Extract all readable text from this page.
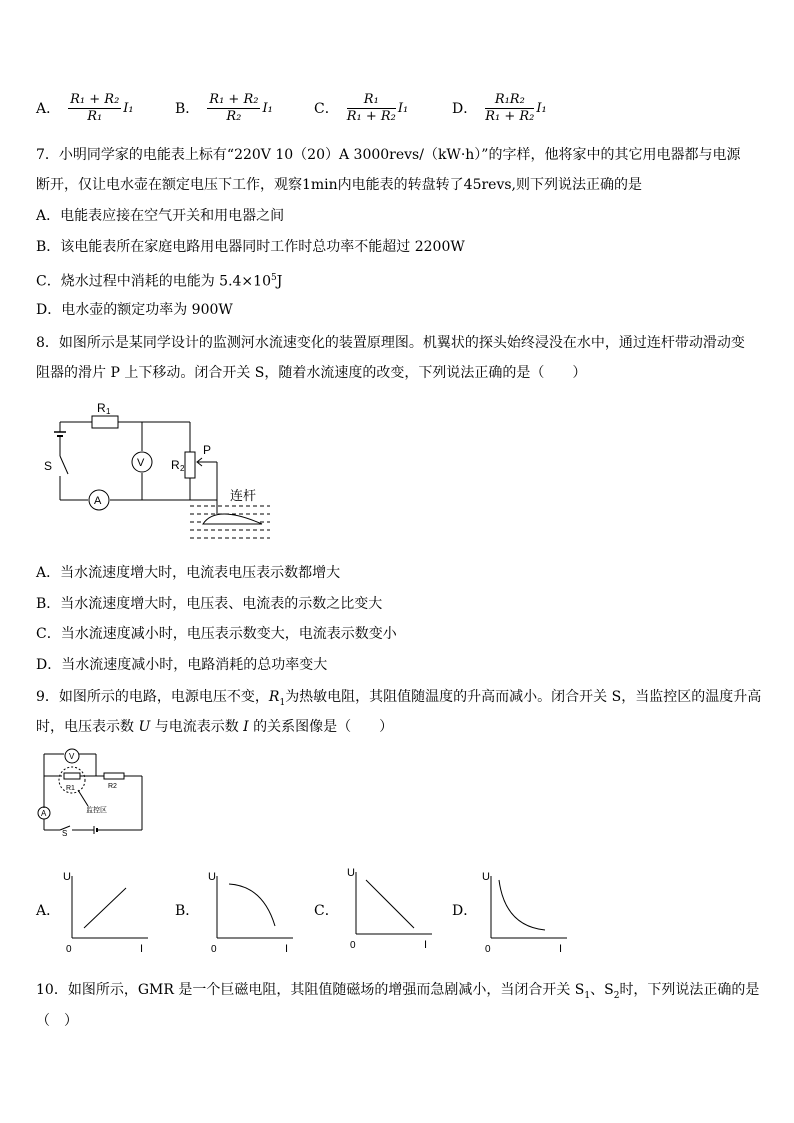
A． $\frac{\text{R₁ + R₂}}{\text{R₁}} I_1$	B． $\frac{\text{R₁ + R₂}}{\text{R₂}} I_1$	C． $\frac{\text{R₁}}{\text{R₁ + R₂}} I_1$	D． $\frac{\text{R₁R₂}}{\text{R₁ + R₂}} I_1$
7．小明同学家的电能表上标有“220V 10（20）A 3000revs/（kW·h）”的字样，他将家中的其它用电器都与电源
断开，仅让电水壶在额定电压下工作，观察1min内电能表的转盘转了45revs,则下列说法正确的是
A．电能表应接在空气开关和用电器之间
B．该电能表所在家庭电路用电器同时工作时总功率不能超过 2200W
C．烧水过程中消耗的电能为 $5.4\times 10^5J$
D．电水壶的额定功率为 900W
8．如图所示是某同学设计的监测河水流速变化的装置原理图。机翼状的探头始终浸没在水中，通过连杆带动滑动变
阻器的滑片 P 上下移动。闭合开关 S，随着水流速度的改变，下列说法正确的是（　　）
R 1
R 2
P
V
A
S
连杆
A．当水流速度增大时，电流表电压表示数都增大
B．当水流速度增大时，电压表、电流表的示数之比变大
C．当水流速度减小时，电压表示数变大，电流表示数变小
D．当水流速度减小时，电路消耗的总功率变大
9．如图所示的电路，电源电压不变，$R_1$为热敏电阻，其阻值随温度的升高而减小。闭合开关 S，当监控区的温度升高
时，电压表示数 U 与电流表示数 I 的关系图像是（　　）
V
R1	R2
监控区
A
S
A．
U
I
0
B．
U
I
0
C．
U
I
0
D．
U
I
0
10．如图所示，GMR 是一个巨磁电阻，其阻值随磁场的增强而急剧减小，当闭合开关 $S_1$、$S_2$时，下列说法正确的是
（　）
